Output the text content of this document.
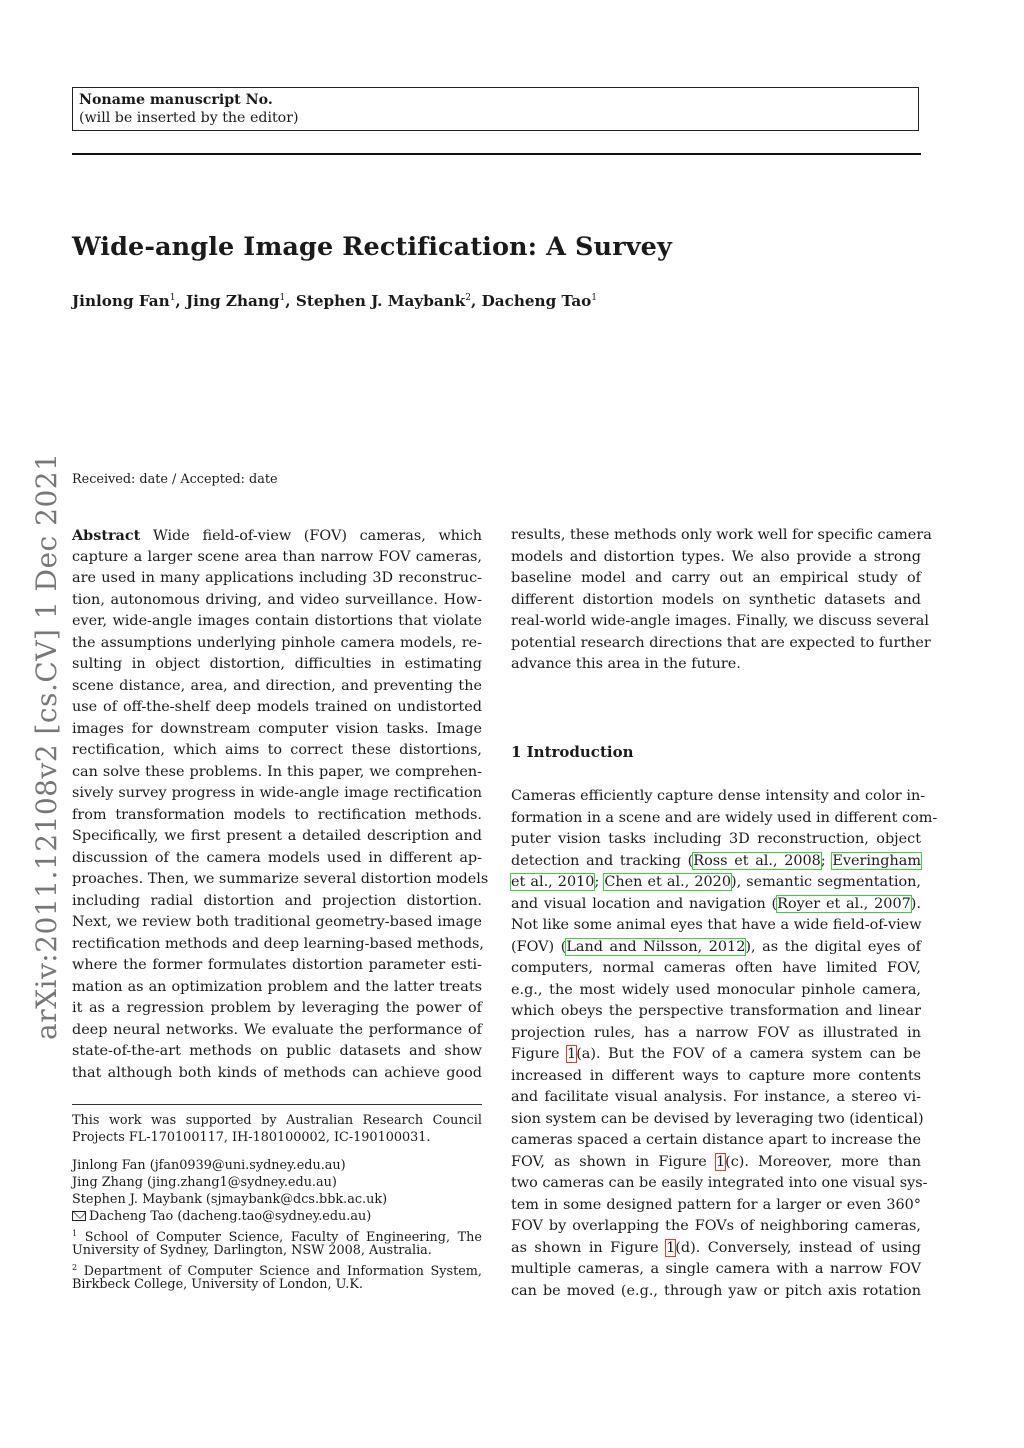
Noname manuscript No.
(will be inserted by the editor)
Wide-angle Image Rectification: A Survey
Jinlong Fan$^1$, Jing Zhang$^1$, Stephen J. Maybank$^2$, Dacheng Tao$^1$
arXiv:2011.12108v2 [cs.CV] 1 Dec 2021 Received: date / Accepted: date
Abstract Wide field-of-view (FOV) cameras, which
capture a larger scene area than narrow FOV cameras,
are used in many applications including 3D reconstruc-
tion, autonomous driving, and video surveillance. How-
ever, wide-angle images contain distortions that violate
the assumptions underlying pinhole camera models, re-
sulting in object distortion, difficulties in estimating
scene distance, area, and direction, and preventing the
use of off-the-shelf deep models trained on undistorted
images for downstream computer vision tasks. Image
rectification, which aims to correct these distortions,
can solve these problems. In this paper, we comprehen-
sively survey progress in wide-angle image rectification
from transformation models to rectification methods.
Specifically, we first present a detailed description and
discussion of the camera models used in different ap-
proaches. Then, we summarize several distortion models
including radial distortion and projection distortion.
Next, we review both traditional geometry-based image
rectification methods and deep learning-based methods,
where the former formulates distortion parameter esti-
mation as an optimization problem and the latter treats
it as a regression problem by leveraging the power of
deep neural networks. We evaluate the performance of
state-of-the-art methods on public datasets and show
that although both kinds of methods can achieve good
results, these methods only work well for specific camera
models and distortion types. We also provide a strong
baseline model and carry out an empirical study of
different distortion models on synthetic datasets and
real-world wide-angle images. Finally, we discuss several
potential research directions that are expected to further
advance this area in the future.
1 Introduction
Cameras efficiently capture dense intensity and color in-
formation in a scene and are widely used in different com-
puter vision tasks including 3D reconstruction, object
detection and tracking (Ross et al., 2008; Everingham
et al., 2010; Chen et al., 2020), semantic segmentation,
and visual location and navigation (Royer et al., 2007).
Not like some animal eyes that have a wide field-of-view
(FOV) (Land and Nilsson, 2012), as the digital eyes of
computers, normal cameras often have limited FOV,
e.g., the most widely used monocular pinhole camera,
which obeys the perspective transformation and linear
projection rules, has a narrow FOV as illustrated in
Figure 1(a). But the FOV of a camera system can be
increased in different ways to capture more contents
and facilitate visual analysis. For instance, a stereo vi-
sion system can be devised by leveraging two (identical)
cameras spaced a certain distance apart to increase the
FOV, as shown in Figure 1(c). Moreover, more than
two cameras can be easily integrated into one visual sys-
tem in some designed pattern for a larger or even 360°
FOV by overlapping the FOVs of neighboring cameras,
as shown in Figure 1(d). Conversely, instead of using
multiple cameras, a single camera with a narrow FOV
can be moved (e.g., through yaw or pitch axis rotation
This work was supported by Australian Research Council
Projects FL-170100117, IH-180100002, IC-190100031.
Jinlong Fan (jfan0939@uni.sydney.edu.au)
Jing Zhang (jing.zhang1@sydney.edu.au)
Stephen J. Maybank (sjmaybank@dcs.bbk.ac.uk)
Dacheng Tao (dacheng.tao@sydney.edu.au)
$^1$ School of Computer Science, Faculty of Engineering, The
University of Sydney, Darlington, NSW 2008, Australia.
$^2$ Department of Computer Science and Information System,
Birkbeck College, University of London, U.K.
